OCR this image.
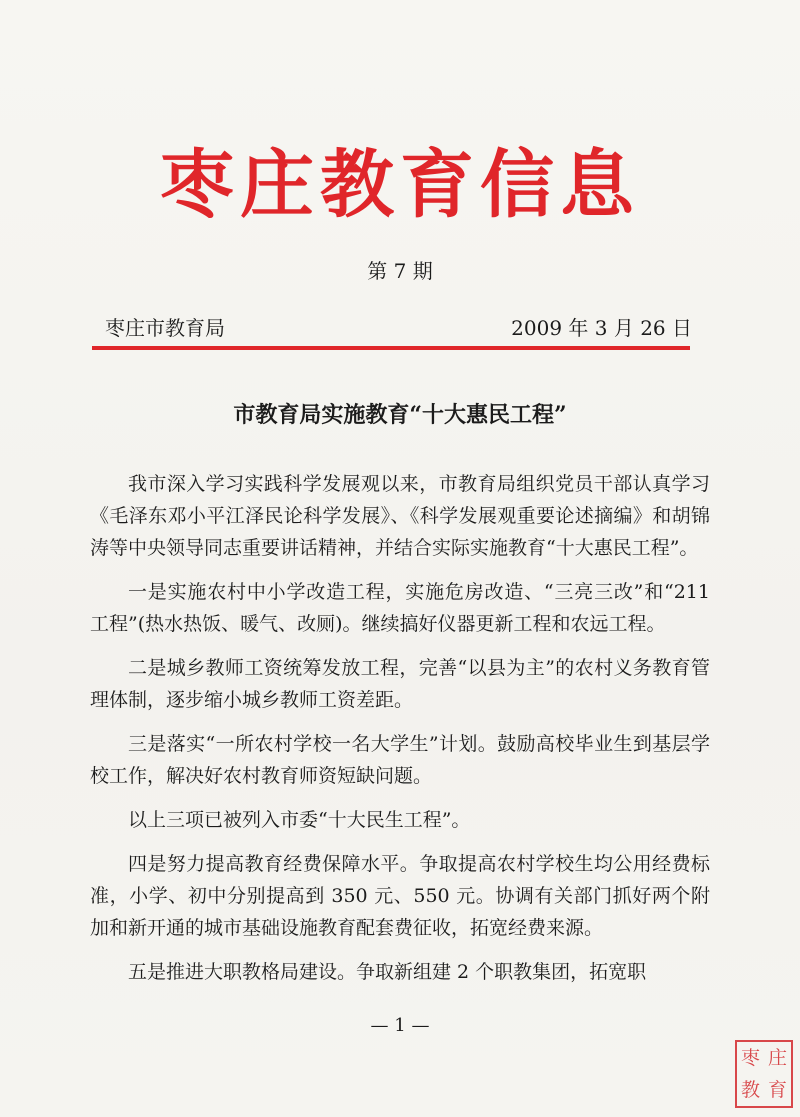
枣庄教育信息
第 7 期
枣庄市教育局	2009 年 3 月 26 日
市教育局实施教育“十大惠民工程”

我市深入学习实践科学发展观以来，市教育局组织党员干部认真学习《毛泽东邓小平江泽民论科学发展》、《科学发展观重要论述摘编》和胡锦涛等中央领导同志重要讲话精神，并结合实际实施教育“十大惠民工程”。

一是实施农村中小学改造工程，实施危房改造、“三亮三改”和“211 工程”(热水热饭、暖气、改厕)。继续搞好仪器更新工程和农远工程。

二是城乡教师工资统筹发放工程，完善“以县为主”的农村义务教育管理体制，逐步缩小城乡教师工资差距。

三是落实“一所农村学校一名大学生”计划。鼓励高校毕业生到基层学校工作，解决好农村教育师资短缺问题。

以上三项已被列入市委“十大民生工程”。

四是努力提高教育经费保障水平。争取提高农村学校生均公用经费标准，小学、初中分别提高到 350 元、550 元。协调有关部门抓好两个附加和新开通的城市基础设施教育配套费征收，拓宽经费来源。

五是推进大职教格局建设。争取新组建 2 个职教集团，拓宽职

— 1 —
枣 庄
教 育
